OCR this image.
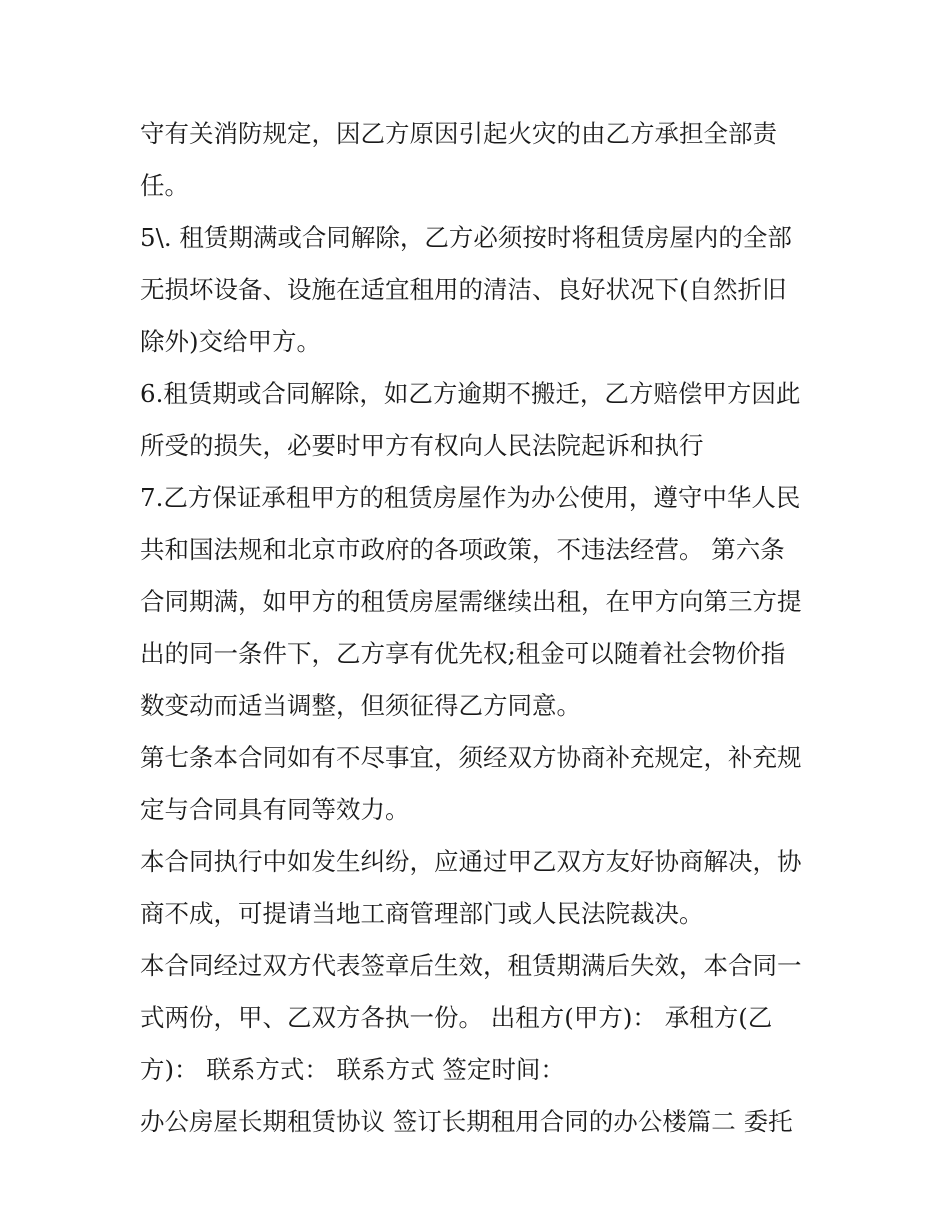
守有关消防规定，因乙方原因引起火灾的由乙方承担全部责
任。
5\. 租赁期满或合同解除，乙方必须按时将租赁房屋内的全部
无损坏设备、设施在适宜租用的清洁、良好状况下(自然折旧
除外)交给甲方。
6.租赁期或合同解除，如乙方逾期不搬迁，乙方赔偿甲方因此
所受的损失，必要时甲方有权向人民法院起诉和执行
7.乙方保证承租甲方的租赁房屋作为办公使用，遵守中华人民
共和国法规和北京市政府的各项政策，不违法经营。 第六条
合同期满，如甲方的租赁房屋需继续出租，在甲方向第三方提
出的同一条件下，乙方享有优先权;租金可以随着社会物价指
数变动而适当调整，但须征得乙方同意。
第七条本合同如有不尽事宜，须经双方协商补充规定，补充规
定与合同具有同等效力。
本合同执行中如发生纠纷，应通过甲乙双方友好协商解决，协
商不成，可提请当地工商管理部门或人民法院裁决。
本合同经过双方代表签章后生效，租赁期满后失效，本合同一
式两份，甲、乙双方各执一份。 出租方(甲方)： 承租方(乙
方)： 联系方式： 联系方式 签定时间：
办公房屋长期租赁协议 签订长期租用合同的办公楼篇二 委托
